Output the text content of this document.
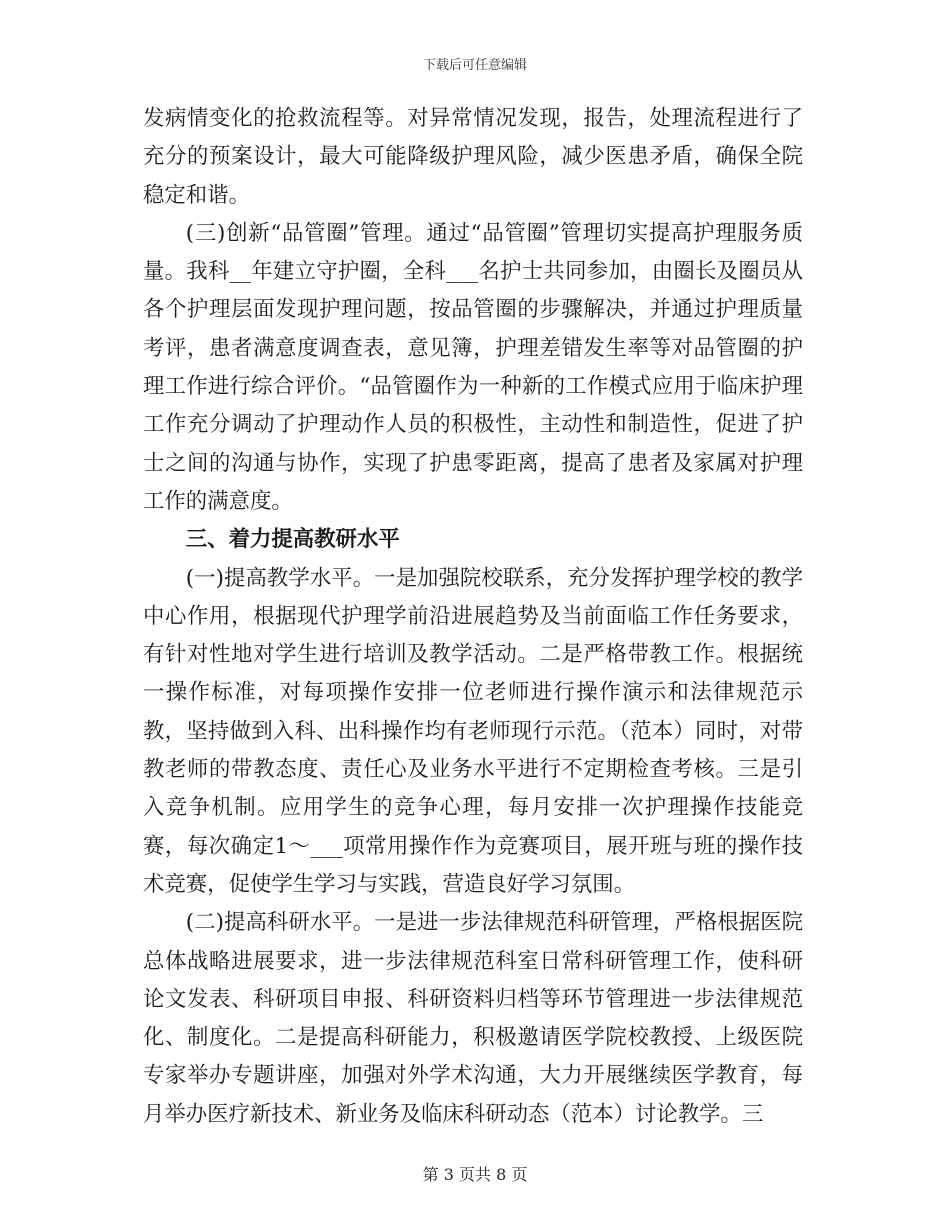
下载后可任意编辑

发病情变化的抢救流程等。对异常情况发现，报告，处理流程进行了充分的预案设计，最大可能降级护理风险，减少医患矛盾，确保全院稳定和谐。

(三)创新“品管圈”管理。通过“品管圈”管理切实提高护理服务质量。我科__年建立守护圈，全科___名护士共同参加，由圈长及圈员从各个护理层面发现护理问题，按品管圈的步骤解决，并通过护理质量考评，患者满意度调查表，意见簿，护理差错发生率等对品管圈的护理工作进行综合评价。“品管圈作为一种新的工作模式应用于临床护理工作充分调动了护理动作人员的积极性，主动性和制造性，促进了护士之间的沟通与协作，实现了护患零距离，提高了患者及家属对护理工作的满意度。

三、着力提高教研水平

(一)提高教学水平。一是加强院校联系，充分发挥护理学校的教学中心作用，根据现代护理学前沿进展趋势及当前面临工作任务要求，有针对性地对学生进行培训及教学活动。二是严格带教工作。根据统一操作标准，对每项操作安排一位老师进行操作演示和法律规范示教，坚持做到入科、出科操作均有老师现行示范。（范本）同时，对带教老师的带教态度、责任心及业务水平进行不定期检查考核。三是引入竞争机制。应用学生的竞争心理，每月安排一次护理操作技能竞赛，每次确定1～___项常用操作作为竞赛项目，展开班与班的操作技术竞赛，促使学生学习与实践，营造良好学习氛围。

(二)提高科研水平。一是进一步法律规范科研管理，严格根据医院总体战略进展要求，进一步法律规范科室日常科研管理工作，使科研论文发表、科研项目申报、科研资料归档等环节管理进一步法律规范化、制度化。二是提高科研能力，积极邀请医学院校教授、上级医院专家举办专题讲座，加强对外学术沟通，大力开展继续医学教育，每月举办医疗新技术、新业务及临床科研动态（范本）讨论教学。三

第 3 页共 8 页
